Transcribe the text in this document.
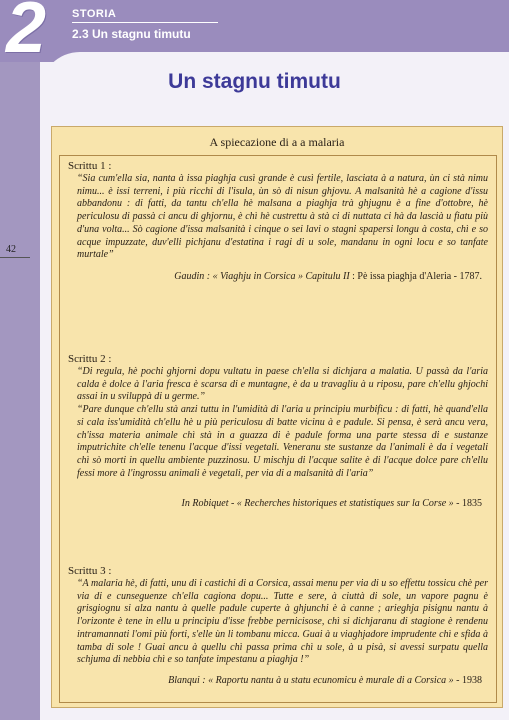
2 STORIA
2.3 Un stagnu timutu
Un stagnu timutu
42
A spiecazione di a a malaria
Scrittu 1 :

“Sia cum'ella sia, nanta à issa piaghja cusì grande è cusì fertile, lasciata à a natura, ùn ci stà nimu nimu... è issi terreni, i più ricchi di l'isula, ùn sò di nisun ghjovu. A malsanità hè a cagione d'issu abbandonu : di fatti, da tantu ch'ella hè malsana a piaghja trà ghjugnu è a fine d'ottobre, hè periculosu di passà ci ancu di ghjornu, è chì hè custrettu à stà ci di nuttata ci hà da lascià u fiatu più d'una volta... Sò cagione d'issa malsanità i cinque o sei lavi o stagni spapersi longu à costa, chì e so acque impuzzate, duv'elli pichjanu d'estatina i ragi di u sole, mandanu in ogni locu e so tanfate murtale”

Gaudin : « Viaghju in Corsica » Capitulu II : Pè issa piaghja d'Aleria - 1787.
Scrittu 2 :

“Di regula, hè pochi ghjorni dopu vultatu in paese ch'ella si dichjara a malatia. U passà da l'aria calda è dolce à l'aria fresca è scarsa di e muntagne, è da u travagliu à u riposu, pare ch'ellu ghjochi assai in u sviluppà di u germe.”

“Pare dunque ch'ellu stà anzi tuttu in l'umidità di l'aria u principiu murbificu : di fatti, hè quand'ella si cala iss'umidità ch'ellu hè u più periculosu di batte vicinu à e padule. Si pensa, è serà ancu vera, ch'issa materia animale chì stà in a guazza di è padule forma una parte stessa di e sustanze imputrichite ch'elle tenenu l'acque d'issi vegetali. Veneranu ste sustanze da l'animali è da i vegetali chì sò morti in quellu ambiente puzzinosu. U mischju di l'acque salite è di l'acque dolce pare ch'ellu fessi more à l'ingrossu animali è vegetali, per via di a malsanità di l'aria”

In Robiquet - « Recherches historiques et statistiques sur la Corse » - 1835
Scrittu 3 :

“A malaria hè, di fatti, unu di i castichi di a Corsica, assai menu per via di u so effettu tossicu chè per via di e cunseguenze ch'ella cagiona dopu... Tutte e sere, à ciuttà di sole, un vapore pagnu è grisgiognu si alza nantu à quelle padule cuperte à ghjunchi è à canne ; arieghja pisignu nantu à l'orizonte è tene in ellu u principiu d'isse frebbe pernicisose, chì si dichjaranu di stagione è rendenu intramannati l'omi più forti, s'elle ùn li tombanu micca. Guai à u viaghjadore imprudente chì e sfida à tamba di sole ! Guai ancu à quellu chì passa prima chì u sole, à u pisà, si avessi surpatu quella schjuma di nebbia chì e so tanfate impestanu a piaghja !”

Blanqui : « Raportu nantu à u statu ecunomicu è murale di a Corsica » - 1938
